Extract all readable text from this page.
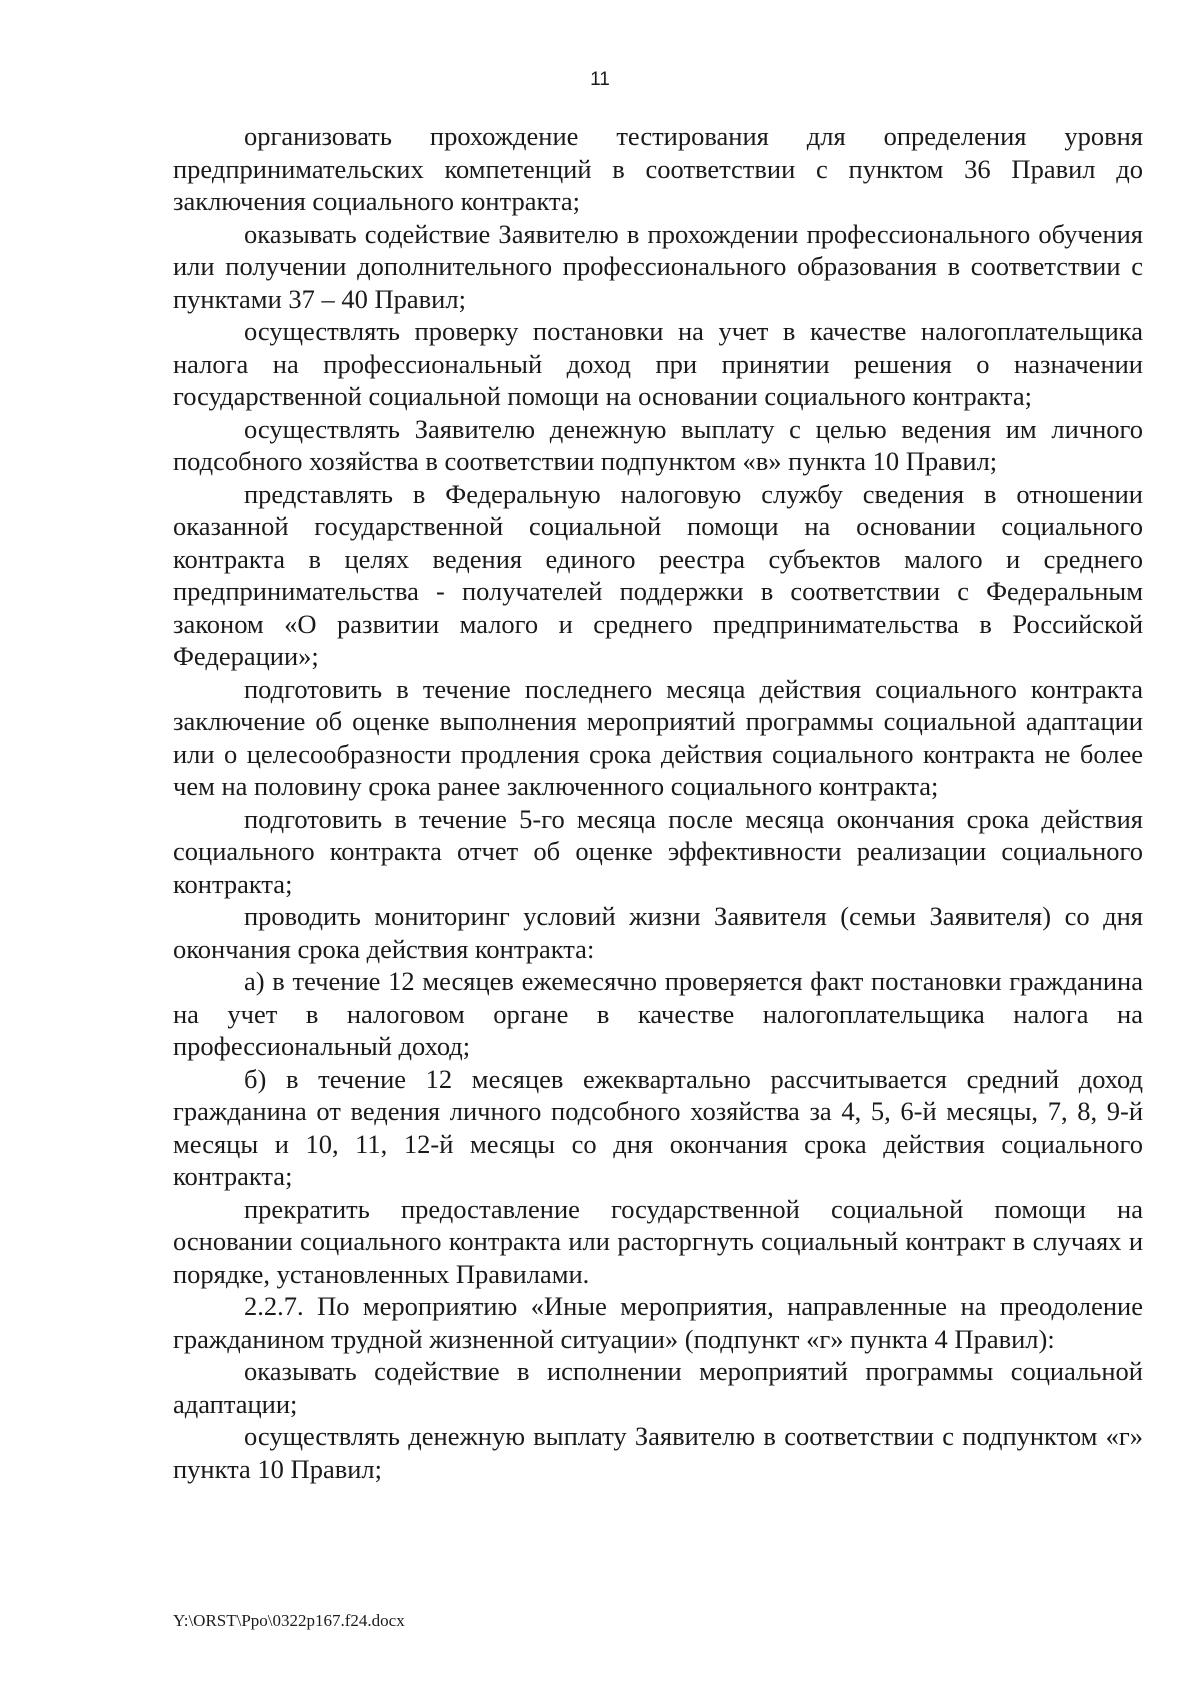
11

организовать прохождение тестирования для определения уровня предпринимательских компетенций в соответствии с пунктом 36 Правил до заключения социального контракта;

оказывать содействие Заявителю в прохождении профессионального обучения или получении дополнительного профессионального образования в соответствии с пунктами 37 – 40 Правил;

осуществлять проверку постановки на учет в качестве налогоплательщика налога на профессиональный доход при принятии решения о назначении государственной социальной помощи на основании социального контракта;

осуществлять Заявителю денежную выплату с целью ведения им личного подсобного хозяйства в соответствии подпунктом «в» пункта 10 Правил;

представлять в Федеральную налоговую службу сведения в отношении оказанной государственной социальной помощи на основании социального контракта в целях ведения единого реестра субъектов малого и среднего предпринимательства - получателей поддержки в соответствии с Федеральным законом «О развитии малого и среднего предпринимательства в Российской Федерации»;

подготовить в течение последнего месяца действия социального контракта заключение об оценке выполнения мероприятий программы социальной адаптации или о целесообразности продления срока действия социального контракта не более чем на половину срока ранее заключенного социального контракта;

подготовить в течение 5-го месяца после месяца окончания срока действия социального контракта отчет об оценке эффективности реализации социального контракта;

проводить мониторинг условий жизни Заявителя (семьи Заявителя) со дня окончания срока действия контракта:

а) в течение 12 месяцев ежемесячно проверяется факт постановки гражданина на учет в налоговом органе в качестве налогоплательщика налога на профессиональный доход;

б) в течение 12 месяцев ежеквартально рассчитывается средний доход гражданина от ведения личного подсобного хозяйства за 4, 5, 6-й месяцы, 7, 8, 9-й месяцы и 10, 11, 12-й месяцы со дня окончания срока действия социального контракта;

прекратить предоставление государственной социальной помощи на основании социального контракта или расторгнуть социальный контракт в случаях и порядке, установленных Правилами.

2.2.7. По мероприятию «Иные мероприятия, направленные на преодоление гражданином трудной жизненной ситуации» (подпункт «г» пункта 4 Правил):

оказывать содействие в исполнении мероприятий программы социальной адаптации;

осуществлять денежную выплату Заявителю в соответствии с подпунктом «г» пункта 10 Правил;

Y:\ORST\Ppo\0322p167.f24.docx
